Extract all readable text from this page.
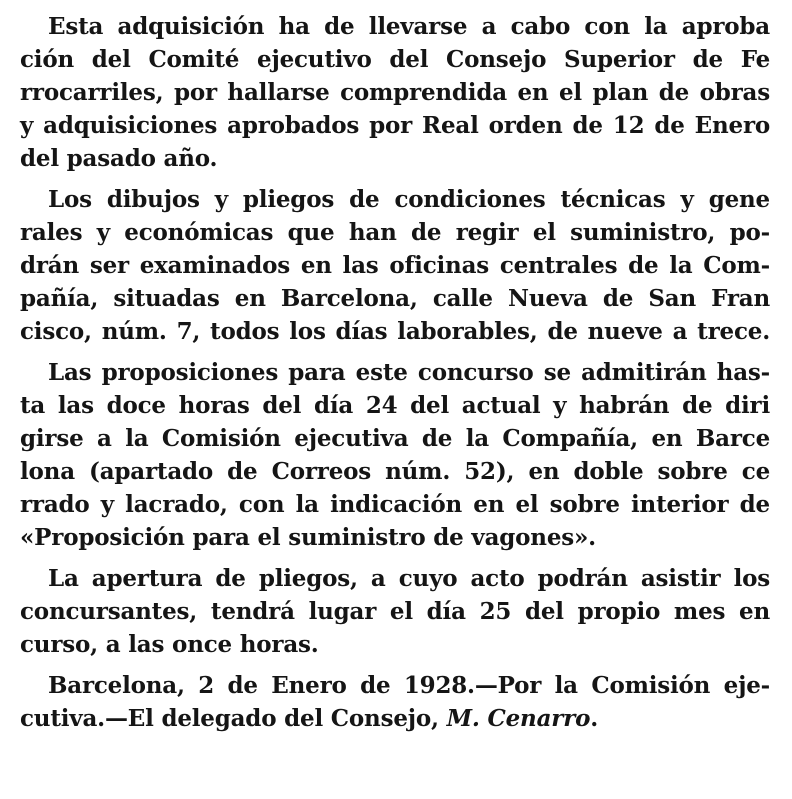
Esta adquisición ha de llevarse a cabo con la aproba
ción del Comité ejecutivo del Consejo Superior de Fe
rrocarriles, por hallarse comprendida en el plan de obras
y adquisiciones aprobados por Real orden de 12 de Enero
del pasado año.
Los dibujos y pliegos de condiciones técnicas y gene
rales y económicas que han de regir el suministro, po-
drán ser examinados en las oficinas centrales de la Com-
pañía, situadas en Barcelona, calle Nueva de San Fran
cisco, núm. 7, todos los días laborables, de nueve a trece.
Las proposiciones para este concurso se admitirán has-
ta las doce horas del día 24 del actual y habrán de diri
girse a la Comisión ejecutiva de la Compañía, en Barce
lona (apartado de Correos núm. 52), en doble sobre ce
rrado y lacrado, con la indicación en el sobre interior de
«Proposición para el suministro de vagones».
La apertura de pliegos, a cuyo acto podrán asistir los
concursantes, tendrá lugar el día 25 del propio mes en
curso, a las once horas.
Barcelona, 2 de Enero de 1928.—Por la Comisión eje-
cutiva.—El delegado del Consejo, M. Cenarro.
